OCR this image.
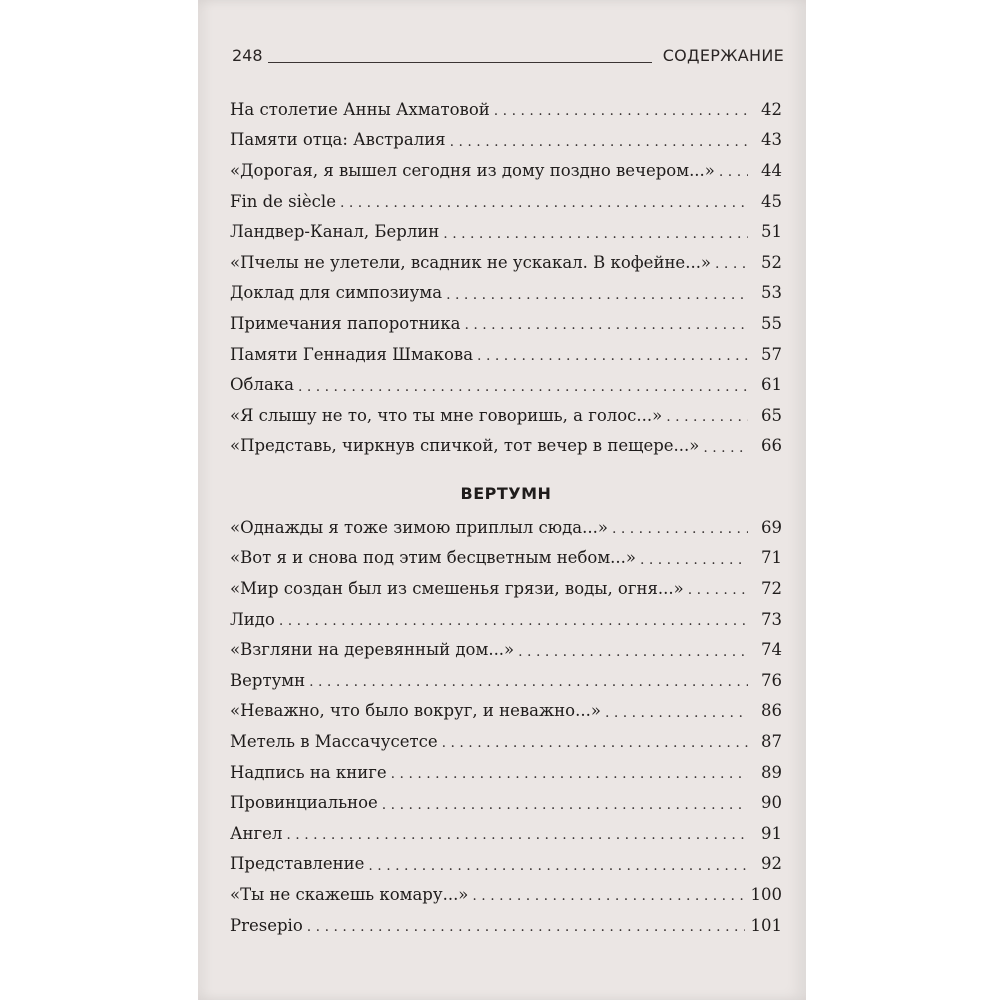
248	СОДЕРЖАНИЕ
На столетие Анны Ахматовой . . .	42
Памяти отца: Австралия . . .	43
«Дорогая, я вышел сегодня из дому поздно вечером...» . . .	44
Fin de siècle . . .	45
Ландвер-Канал, Берлин . . .	51
«Пчелы не улетели, всадник не ускакал. В кофейне...» . . .	52
Доклад для симпозиума . . .	53
Примечания папоротника . . .	55
Памяти Геннадия Шмакова . . .	57
Облака . . .	61
«Я слышу не то, что ты мне говоришь, а голос...» . . .	65
«Представь, чиркнув спичкой, тот вечер в пещере...» . . .	66
ВЕРТУМН
«Однажды я тоже зимою приплыл сюда...» . . .	69
«Вот я и снова под этим бесцветным небом...» . . .	71
«Мир создан был из смешенья грязи, воды, огня...» . . .	72
Лидо . . .	73
«Взгляни на деревянный дом...» . . .	74
Вертумн . . .	76
«Неважно, что было вокруг, и неважно...» . . .	86
Метель в Массачусетсе . . .	87
Надпись на книге . . .	89
Провинциальное . . .	90
Ангел . . .	91
Представление . . .	92
«Ты не скажешь комару...» . . .	100
Presepio . . .	101
